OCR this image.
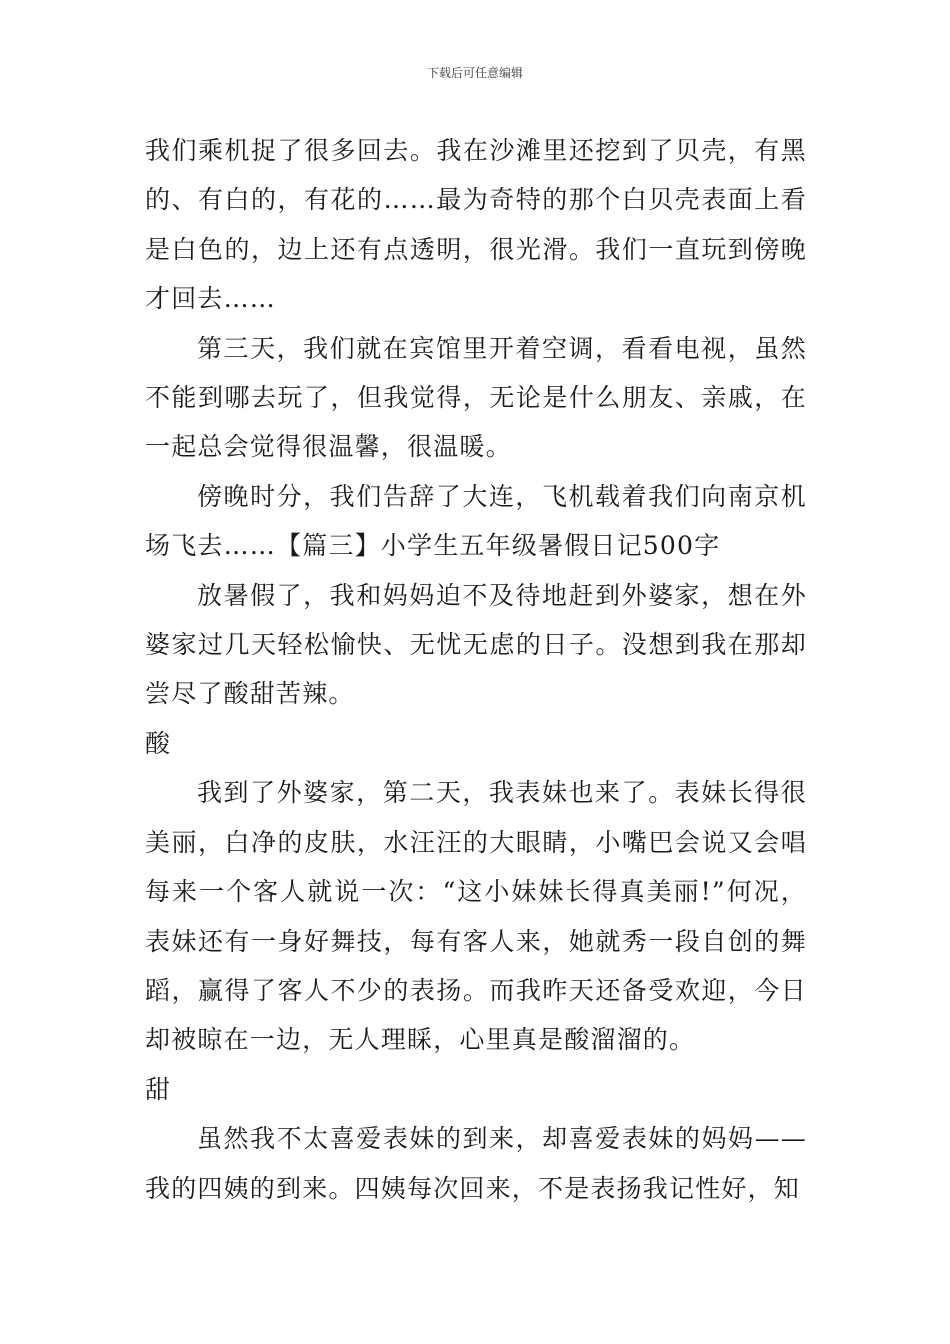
下载后可任意编辑

我们乘机捉了很多回去。我在沙滩里还挖到了贝壳，有黑的、有白的，有花的……最为奇特的那个白贝壳表面上看是白色的，边上还有点透明，很光滑。我们一直玩到傍晚才回去……

第三天，我们就在宾馆里开着空调，看看电视，虽然不能到哪去玩了，但我觉得，无论是什么朋友、亲戚，在一起总会觉得很温馨，很温暖。

傍晚时分，我们告辞了大连，飞机载着我们向南京机场飞去……【篇三】小学生五年级暑假日记500字

放暑假了，我和妈妈迫不及待地赶到外婆家，想在外婆家过几天轻松愉快、无忧无虑的日子。没想到我在那却尝尽了酸甜苦辣。

酸

我到了外婆家，第二天，我表妹也来了。表妹长得很美丽，白净的皮肤，水汪汪的大眼睛，小嘴巴会说又会唱每来一个客人就说一次：“这小妹妹长得真美丽!”何况，表妹还有一身好舞技，每有客人来，她就秀一段自创的舞蹈，赢得了客人不少的表扬。而我昨天还备受欢迎，今日却被晾在一边，无人理睬，心里真是酸溜溜的。

甜

虽然我不太喜爱表妹的到来，却喜爱表妹的妈妈——我的四姨的到来。四姨每次回来，不是表扬我记性好，知
